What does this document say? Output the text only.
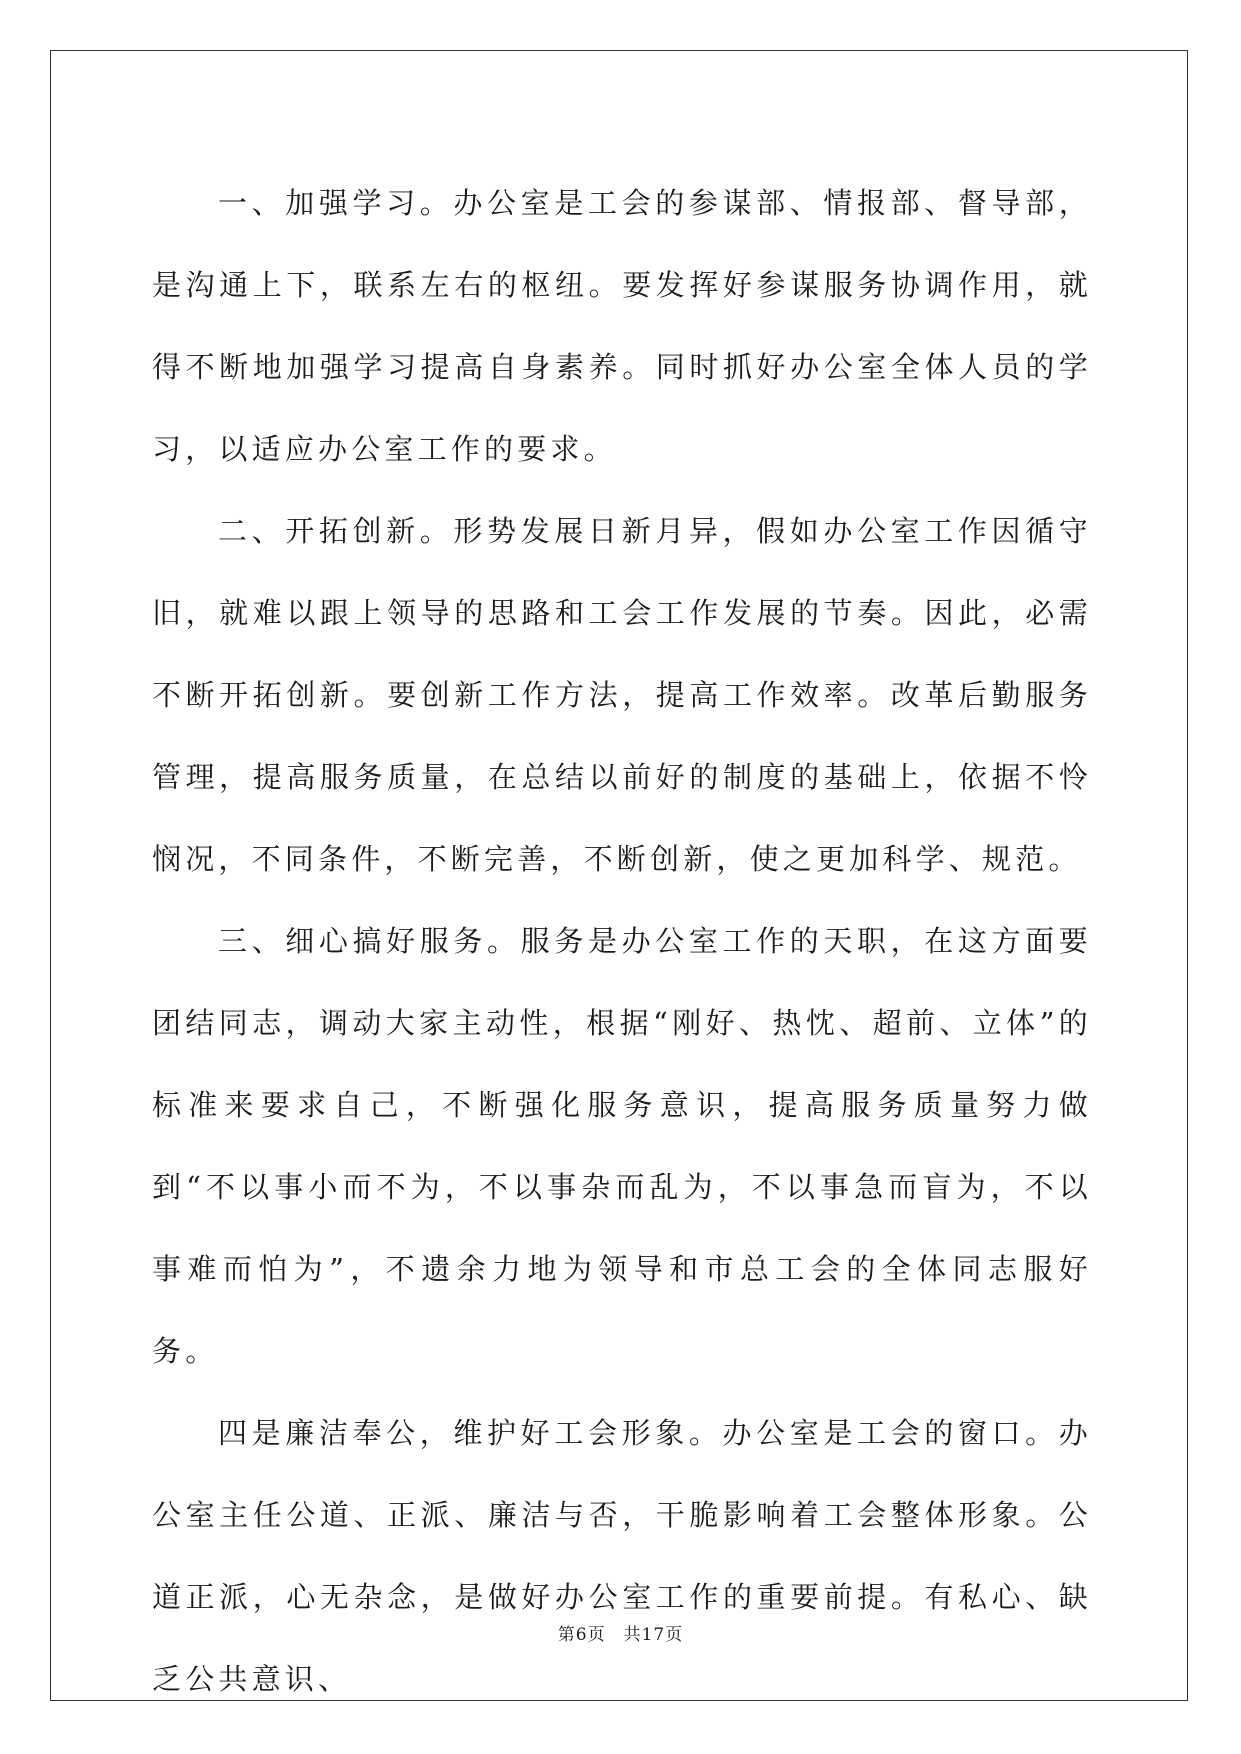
一、加强学习。办公室是工会的参谋部、情报部、督导部，是沟通上下，联系左右的枢纽。要发挥好参谋服务协调作用，就得不断地加强学习提高自身素养。同时抓好办公室全体人员的学习，以适应办公室工作的要求。

二、开拓创新。形势发展日新月异，假如办公室工作因循守旧，就难以跟上领导的思路和工会工作发展的节奏。因此，必需不断开拓创新。要创新工作方法，提高工作效率。改革后勤服务管理，提高服务质量，在总结以前好的制度的基础上，依据不怜悯况，不同条件，不断完善，不断创新，使之更加科学、规范。

三、细心搞好服务。服务是办公室工作的天职，在这方面要团结同志，调动大家主动性，根据“刚好、热忱、超前、立体”的标准来要求自己，不断强化服务意识，提高服务质量努力做到“不以事小而不为，不以事杂而乱为，不以事急而盲为，不以事难而怕为”，不遗余力地为领导和市总工会的全体同志服好务。

四是廉洁奉公，维护好工会形象。办公室是工会的窗口。办公室主任公道、正派、廉洁与否，干脆影响着工会整体形象。公道正派，心无杂念，是做好办公室工作的重要前提。有私心、缺乏公共意识、

第6页　共17页
